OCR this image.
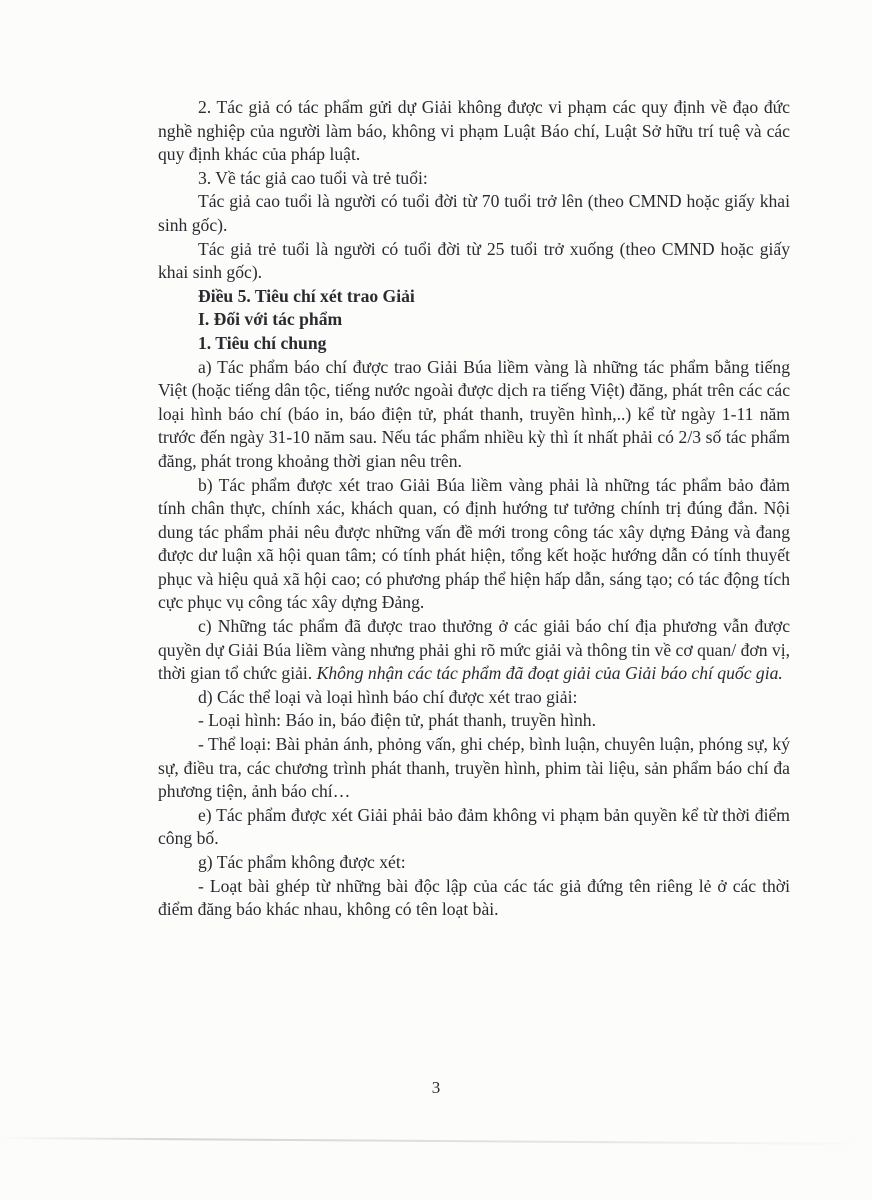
2. Tác giả có tác phẩm gửi dự Giải không được vi phạm các quy định về đạo đức nghề nghiệp của người làm báo, không vi phạm Luật Báo chí, Luật Sở hữu trí tuệ và các quy định khác của pháp luật.

3. Về tác giả cao tuổi và trẻ tuổi:

Tác giả cao tuổi là người có tuổi đời từ 70 tuổi trở lên (theo CMND hoặc giấy khai sinh gốc).

Tác giả trẻ tuổi là người có tuổi đời từ 25 tuổi trở xuống (theo CMND hoặc giấy khai sinh gốc).

Điều 5. Tiêu chí xét trao Giải

I. Đối với tác phẩm

1. Tiêu chí chung

a) Tác phẩm báo chí được trao Giải Búa liềm vàng là những tác phẩm bằng tiếng Việt (hoặc tiếng dân tộc, tiếng nước ngoài được dịch ra tiếng Việt) đăng, phát trên các các loại hình báo chí (báo in, báo điện tử, phát thanh, truyền hình,..) kể từ ngày 1-11 năm trước đến ngày 31-10 năm sau. Nếu tác phẩm nhiều kỳ thì ít nhất phải có 2/3 số tác phẩm đăng, phát trong khoảng thời gian nêu trên.

b) Tác phẩm được xét trao Giải Búa liềm vàng phải là những tác phẩm bảo đảm tính chân thực, chính xác, khách quan, có định hướng tư tưởng chính trị đúng đắn. Nội dung tác phẩm phải nêu được những vấn đề mới trong công tác xây dựng Đảng và đang được dư luận xã hội quan tâm; có tính phát hiện, tổng kết hoặc hướng dẫn có tính thuyết phục và hiệu quả xã hội cao; có phương pháp thể hiện hấp dẫn, sáng tạo; có tác động tích cực phục vụ công tác xây dựng Đảng.

c) Những tác phẩm đã được trao thưởng ở các giải báo chí địa phương vẫn được quyền dự Giải Búa liềm vàng nhưng phải ghi rõ mức giải và thông tin về cơ quan/ đơn vị, thời gian tổ chức giải. Không nhận các tác phẩm đã đoạt giải của Giải báo chí quốc gia.

d) Các thể loại và loại hình báo chí được xét trao giải:

- Loại hình: Báo in, báo điện tử, phát thanh, truyền hình.

- Thể loại: Bài phản ánh, phỏng vấn, ghi chép, bình luận, chuyên luận, phóng sự, ký sự, điều tra, các chương trình phát thanh, truyền hình, phim tài liệu, sản phẩm báo chí đa phương tiện, ảnh báo chí…

e) Tác phẩm được xét Giải phải bảo đảm không vi phạm bản quyền kể từ thời điểm công bố.

g) Tác phẩm không được xét:

- Loạt bài ghép từ những bài độc lập của các tác giả đứng tên riêng lẻ ở các thời điểm đăng báo khác nhau, không có tên loạt bài.

3
